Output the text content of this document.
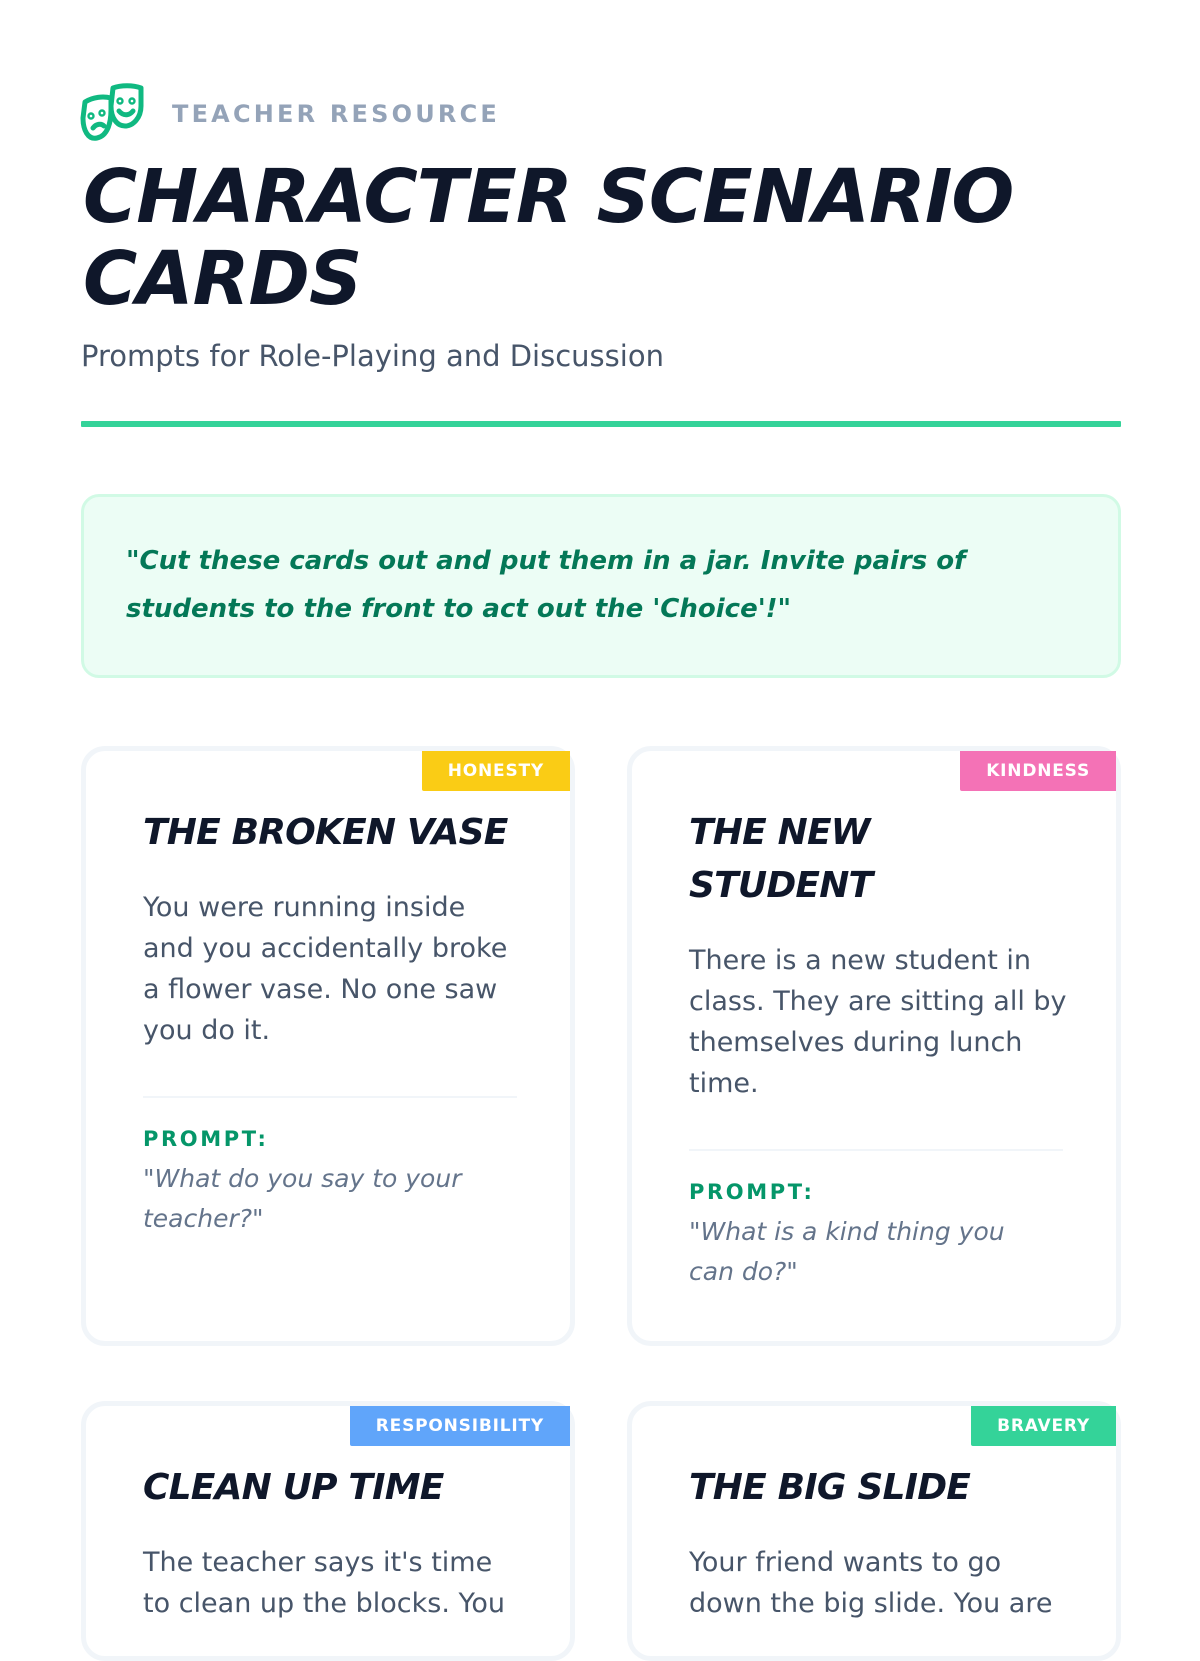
TEACHER RESOURCE
CHARACTER SCENARIO CARDS

Prompts for Role-Playing and Discussion

"Cut these cards out and put them in a jar. Invite pairs of students to the front to act out the 'Choice'!"

HONESTY
THE BROKEN VASE

You were running inside and you accidentally broke a flower vase. No one saw you do it.

PROMPT:

"What do you say to your teacher?"

KINDNESS
THE NEW STUDENT

There is a new student in class. They are sitting all by themselves during lunch time.

PROMPT:

"What is a kind thing you can do?"

RESPONSIBILITY
CLEAN UP TIME

The teacher says it's time to clean up the blocks. You

BRAVERY
THE BIG SLIDE

Your friend wants to go down the big slide. You are
